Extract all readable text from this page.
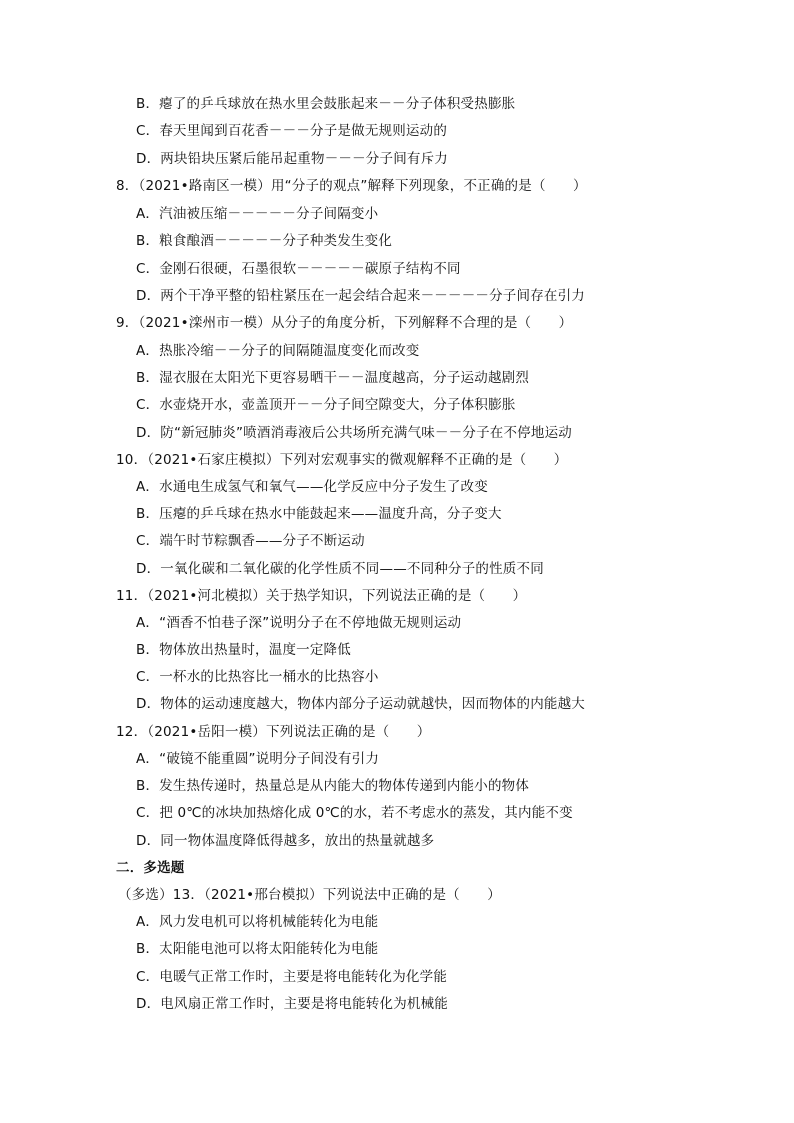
B．瘪了的乒乓球放在热水里会鼓胀起来－－分子体积受热膨胀
C．春天里闻到百花香－－－分子是做无规则运动的
D．两块铅块压紧后能吊起重物－－－分子间有斥力
8．（2021•路南区一模）用“分子的观点”解释下列现象，不正确的是（　　）
A．汽油被压缩－－－－－分子间隔变小
B．粮食酿酒－－－－－分子种类发生变化
C．金刚石很硬，石墨很软－－－－－碳原子结构不同
D．两个干净平整的铅柱紧压在一起会结合起来－－－－－分子间存在引力
9．（2021•滦州市一模）从分子的角度分析，下列解释不合理的是（　　）
A．热胀冷缩－－分子的间隔随温度变化而改变
B．湿衣服在太阳光下更容易晒干－－温度越高，分子运动越剧烈
C．水壶烧开水，壶盖顶开－－分子间空隙变大，分子体积膨胀
D．防“新冠肺炎”喷酒消毒液后公共场所充满气味－－分子在不停地运动
10．（2021•石家庄模拟）下列对宏观事实的微观解释不正确的是（　　）
A．水通电生成氢气和氧气——化学反应中分子发生了改变
B．压瘪的乒乓球在热水中能鼓起来——温度升高，分子变大
C．端午时节粽飘香——分子不断运动
D．一氧化碳和二氧化碳的化学性质不同——不同种分子的性质不同
11．（2021•河北模拟）关于热学知识，下列说法正确的是（　　）
A．“酒香不怕巷子深”说明分子在不停地做无规则运动
B．物体放出热量时，温度一定降低
C．一杯水的比热容比一桶水的比热容小
D．物体的运动速度越大，物体内部分子运动就越快，因而物体的内能越大
12．（2021•岳阳一模）下列说法正确的是（　　）
A．“破镜不能重圆”说明分子间没有引力
B．发生热传递时，热量总是从内能大的物体传递到内能小的物体
C．把 0℃的冰块加热熔化成 0℃的水，若不考虑水的蒸发，其内能不变
D．同一物体温度降低得越多，放出的热量就越多
二．多选题
（多选）13．（2021•邢台模拟）下列说法中正确的是（　　）
A．风力发电机可以将机械能转化为电能
B．太阳能电池可以将太阳能转化为电能
C．电暖气正常工作时，主要是将电能转化为化学能
D．电风扇正常工作时，主要是将电能转化为机械能
